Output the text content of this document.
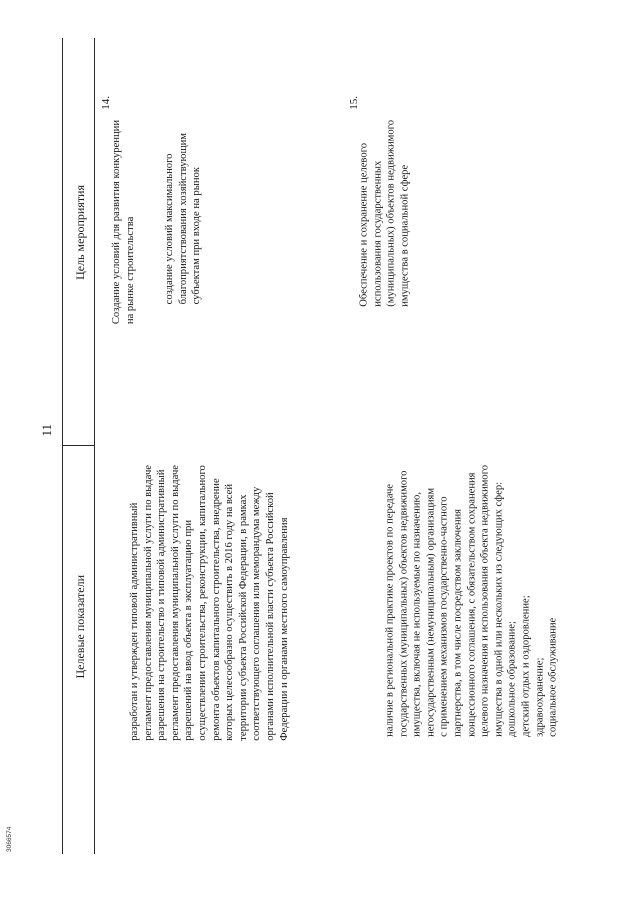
3066574
11
Цель мероприятия
Целевые показатели
14.
Создание условий для развития конкуренции на рынке строительства	создание условий максимального благоприятствования хозяйствующим субъектам при входе на рынок
разработан и утвержден типовой административный регламент предоставления муниципальной услуги по выдаче разрешения на строительство и типовой административный регламент предоставления муниципальной услуги по выдаче разрешений на ввод объекта в эксплуатацию при осуществлении строительства, реконструкции, капитального ремонта объектов капитального строительства, внедрение которых целесообразно осуществить в 2016 году на всей территории субъекта Российской Федерации, в рамках соответствующего соглашения или меморандума между органами исполнительной власти субъекта Российской Федерации и органами местного самоуправления
15.
Обеспечение и сохранение целевого использования государственных (муниципальных) объектов недвижимого имущества в социальной сфере
наличие в региональной практике проектов по передаче государственных (муниципальных) объектов недвижимого имущества, включая не используемые по назначению, негосударственным (немуниципальным) организациям с применением механизмов государственно-частного партнерства, в том числе посредством заключения концессионного соглашения, с обязательством сохранения целевого назначения и использования объекта недвижимого имущества в одной или нескольких из следующих сфер: дошкольное образование; детский отдых и оздоровление; здравоохранение; социальное обслуживание
